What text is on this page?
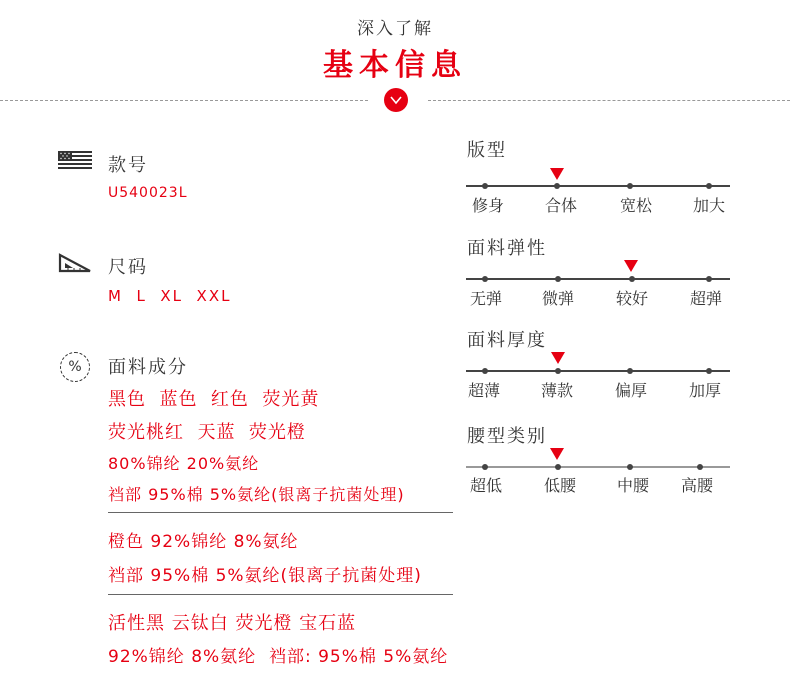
深入了解
基本信息
款号
U540023L
尺码
M  L  XL  XXL
%	面料成分
黑色  蓝色  红色  荧光黄
荧光桃红  天蓝  荧光橙
80%锦纶 20%氨纶
裆部 95%棉 5%氨纶(银离子抗菌处理)
橙色 92%锦纶 8%氨纶
裆部 95%棉 5%氨纶(银离子抗菌处理)
活性黑 云钛白 荧光橙 宝石蓝
92%锦纶 8%氨纶  裆部: 95%棉 5%氨纶
版型
修身	合体	宽松	加大
面料弹性
无弹	微弹	较好	超弹
面料厚度
超薄	薄款	偏厚	加厚
腰型类别
超低	低腰	中腰	高腰
